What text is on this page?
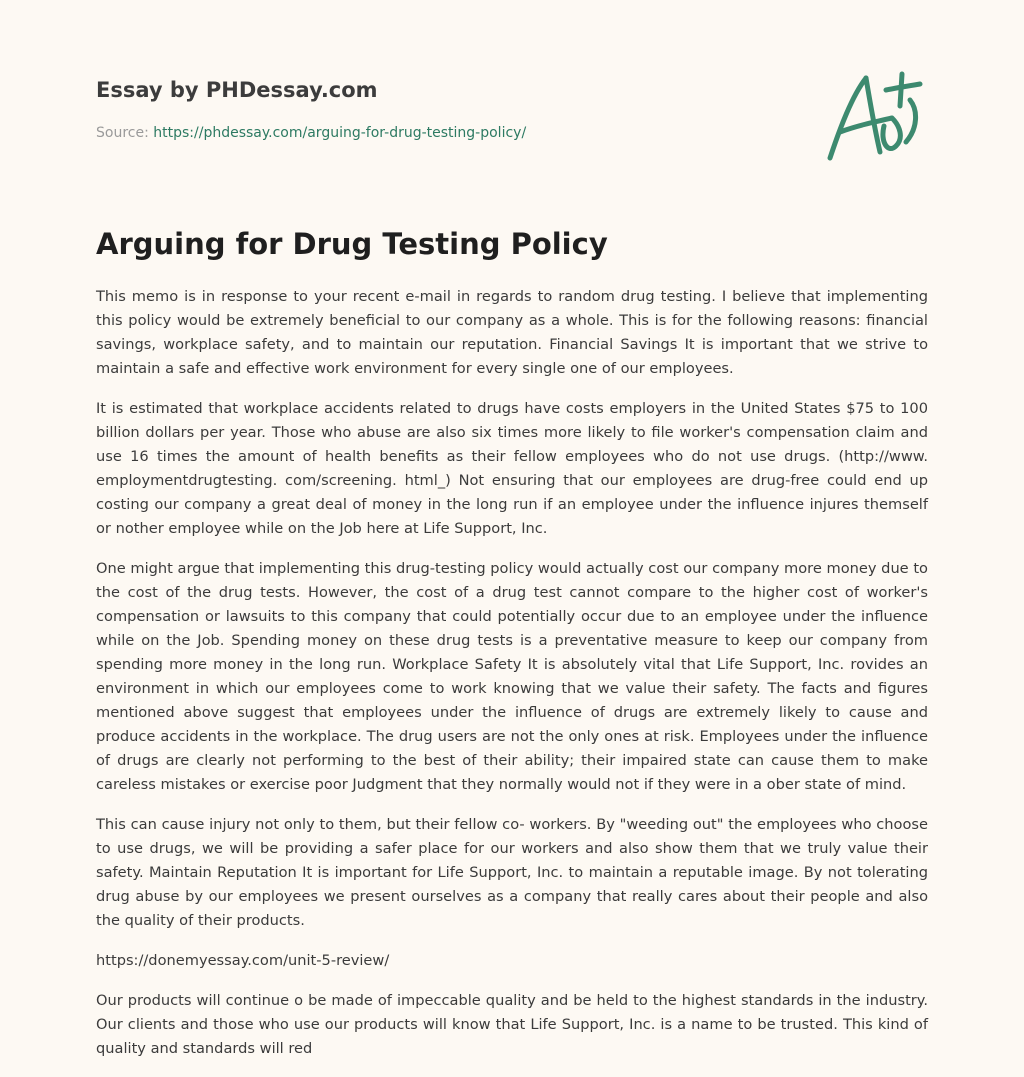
Essay by PHDessay.com
Source: https://phdessay.com/arguing-for-drug-testing-policy/
Arguing for Drug Testing Policy

This memo is in response to your recent e-mail in regards to random drug testing. I believe that implementing this policy would be extremely beneficial to our company as a whole. This is for the following reasons: financial savings, workplace safety, and to maintain our reputation. Financial Savings It is important that we strive to maintain a safe and effective work environment for every single one of our employees.

It is estimated that workplace accidents related to drugs have costs employers in the United States $75 to 100 billion dollars per year. Those who abuse are also six times more likely to file worker's compensation claim and use 16 times the amount of health benefits as their fellow employees who do not use drugs. (http://www. employmentdrugtesting. com/screening. html_) Not ensuring that our employees are drug-free could end up costing our company a great deal of money in the long run if an employee under the influence injures themself or nother employee while on the Job here at Life Support, Inc.

One might argue that implementing this drug-testing policy would actually cost our company more money due to the cost of the drug tests. However, the cost of a drug test cannot compare to the higher cost of worker's compensation or lawsuits to this company that could potentially occur due to an employee under the influence while on the Job. Spending money on these drug tests is a preventative measure to keep our company from spending more money in the long run. Workplace Safety It is absolutely vital that Life Support, Inc. rovides an environment in which our employees come to work knowing that we value their safety. The facts and figures mentioned above suggest that employees under the influence of drugs are extremely likely to cause and produce accidents in the workplace. The drug users are not the only ones at risk. Employees under the influence of drugs are clearly not performing to the best of their ability; their impaired state can cause them to make careless mistakes or exercise poor Judgment that they normally would not if they were in a ober state of mind.

This can cause injury not only to them, but their fellow co- workers. By "weeding out" the employees who choose to use drugs, we will be providing a safer place for our workers and also show them that we truly value their safety. Maintain Reputation It is important for Life Support, Inc. to maintain a reputable image. By not tolerating drug abuse by our employees we present ourselves as a company that really cares about their people and also the quality of their products.

https://donemyessay.com/unit-5-review/

Our products will continue o be made of impeccable quality and be held to the highest standards in the industry. Our clients and those who use our products will know that Life Support, Inc. is a name to be trusted. This kind of quality and standards will red
